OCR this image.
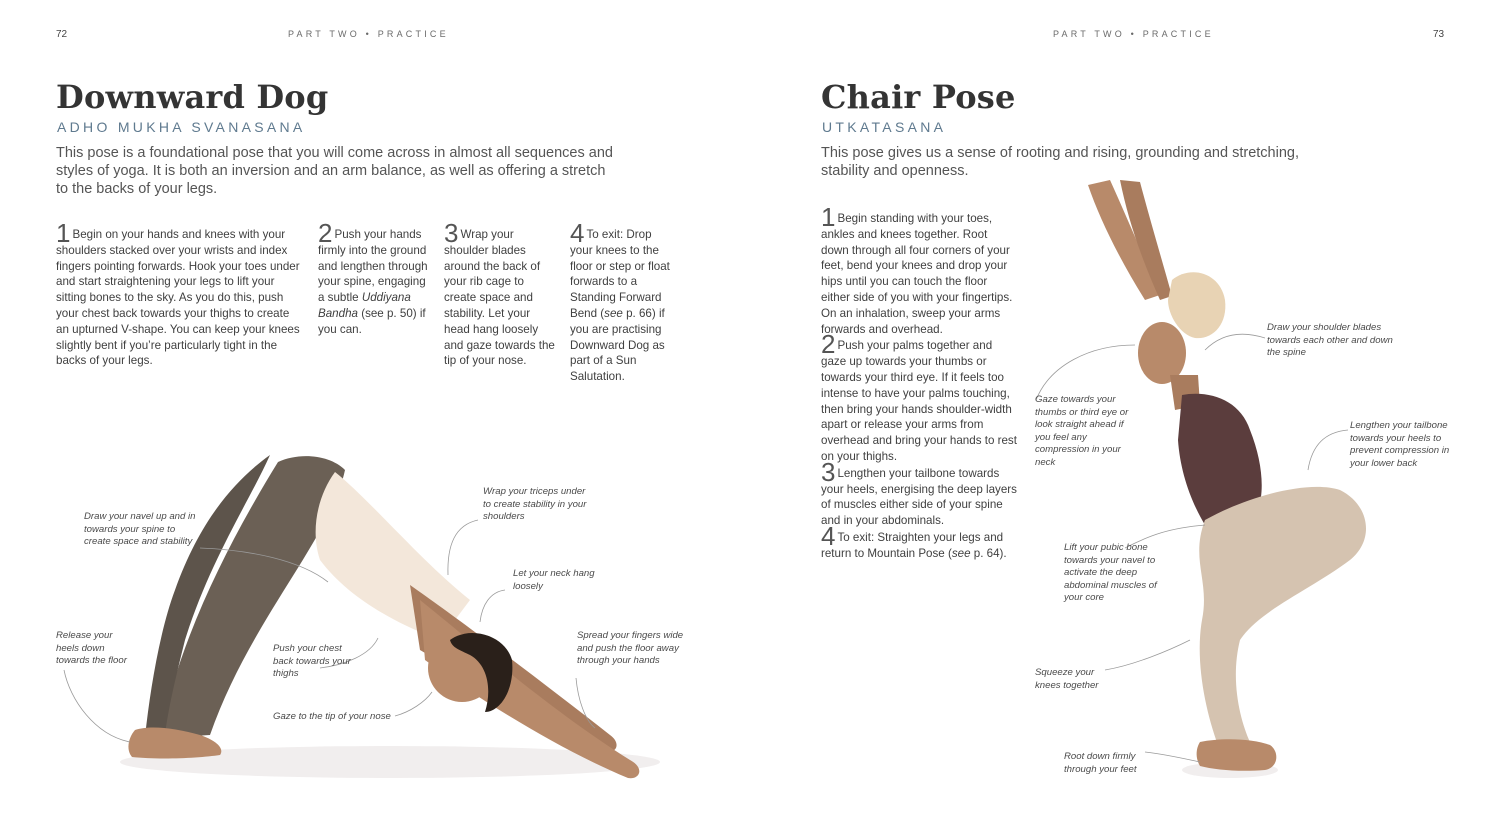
72	PART TWO • PRACTICE
Downward Dog
ADHO MUKHA SVANASANA

This pose is a foundational pose that you will come across in almost all sequences and styles of yoga. It is both an inversion and an arm balance, as well as offering a stretch to the backs of your legs.

1 Begin on your hands and knees with your shoulders stacked over your wrists and index fingers pointing forwards. Hook your toes under and start straightening your legs to lift your sitting bones to the sky. As you do this, push your chest back towards your thighs to create an upturned V-shape. You can keep your knees slightly bent if you’re particularly tight in the backs of your legs.

2 Push your hands firmly into the ground and lengthen through your spine, engaging a subtle Uddiyana Bandha (see p. 50) if you can.

3 Wrap your shoulder blades around the back of your rib cage to create space and stability. Let your head hang loosely and gaze towards the tip of your nose.

4 To exit: Drop your knees to the floor or step or float forwards to a Standing Forward Bend (see p. 66) if you are practising Downward Dog as part of a Sun Salutation.

Draw your navel up and in towards your spine to create space and stability
Wrap your triceps under to create stability in your shoulders
Let your neck hang loosely
Release your heels down towards the floor
Push your chest back towards your thighs
Spread your fingers wide and push the floor away through your hands
Gaze to the tip of your nose
PART TWO • PRACTICE	73
Chair Pose
UTKATASANA

This pose gives us a sense of rooting and rising, grounding and stretching, stability and openness.

1 Begin standing with your toes, ankles and knees together. Root down through all four corners of your feet, bend your knees and drop your hips until you can touch the floor either side of you with your fingertips. On an inhalation, sweep your arms forwards and overhead.

2 Push your palms together and gaze up towards your thumbs or towards your third eye. If it feels too intense to have your palms touching, then bring your hands shoulder-width apart or release your arms from overhead and bring your hands to rest on your thighs.

3 Lengthen your tailbone towards your heels, energising the deep layers of muscles either side of your spine and in your abdominals.

4 To exit: Straighten your legs and return to Mountain Pose (see p. 64).

Draw your shoulder blades towards each other and down the spine
Gaze towards your thumbs or third eye or look straight ahead if you feel any compression in your neck
Lengthen your tailbone towards your heels to prevent compression in your lower back
Lift your pubic bone towards your navel to activate the deep abdominal muscles of your core
Squeeze your knees together
Root down firmly through your feet
